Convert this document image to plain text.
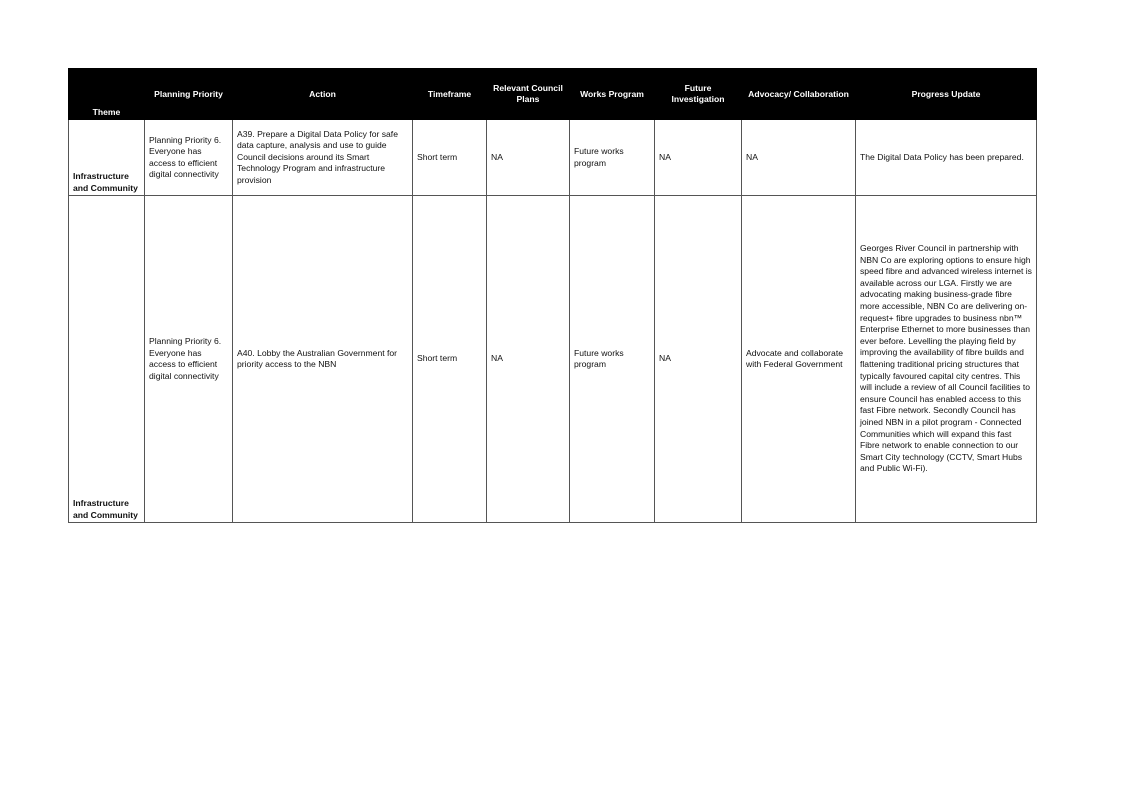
Theme	Planning Priority	Action	Timeframe	Relevant Council Plans	Works Program	Future Investigation	Advocacy/ Collaboration	Progress Update
Infrastructure and Community	Planning Priority 6. Everyone has access to efficient digital connectivity	A39. Prepare a Digital Data Policy for safe data capture, analysis and use to guide Council decisions around its Smart Technology Program and infrastructure provision	Short term	NA	Future works program	NA	NA	The Digital Data Policy has been prepared.
Infrastructure and Community	Planning Priority 6. Everyone has access to efficient digital connectivity	A40. Lobby the Australian Government for priority access to the NBN	Short term	NA	Future works program	NA	Advocate and collaborate with Federal Government	Georges River Council in partnership with NBN Co are exploring options to ensure high speed fibre and advanced wireless internet is available across our LGA. Firstly we are advocating making business-grade fibre more accessible, NBN Co are delivering on-request+ fibre upgrades to business nbn™ Enterprise Ethernet to more businesses than ever before. Levelling the playing field by improving the availability of fibre builds and flattening traditional pricing structures that typically favoured capital city centres. This will include a review of all Council facilities to ensure Council has enabled access to this fast Fibre network. Secondly Council has joined NBN in a pilot program - Connected Communities which will expand this fast Fibre network to enable connection to our Smart City technology (CCTV, Smart Hubs and Public Wi-Fi).
